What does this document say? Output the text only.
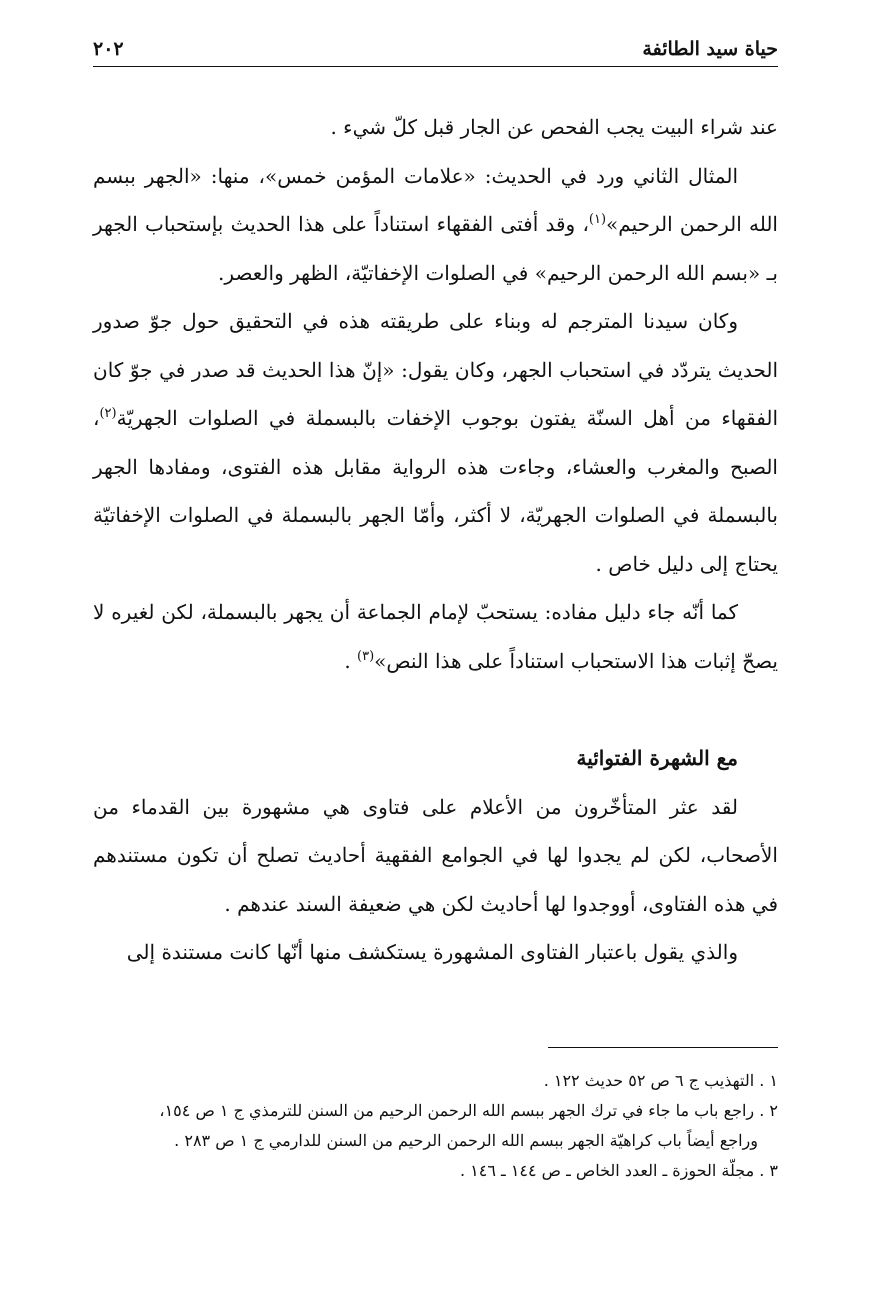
حياة سيد الطائفة
٢٠٢

عند شراء البيت يجب الفحص عن الجار قبل كلّ شيء .

المثال الثاني ورد في الحديث: «علامات المؤمن خمس»، منها: «الجهر ببسم الله الرحمن الرحيم»$^{(١)}$، وقد أفتى الفقهاء استناداً على هذا الحديث بإستحباب الجهر بـ «بسم الله الرحمن الرحيم» في الصلوات الإخفاتيّة، الظهر والعصر.

وكان سيدنا المترجم له وبناء على طريقته هذه في التحقيق حول جوّ صدور الحديث يتردّد في استحباب الجهر، وكان يقول: «إنّ هذا الحديث قد صدر في جوّ كان الفقهاء من أهل السنّة يفتون بوجوب الإخفات بالبسملة في الصلوات الجهريّة$^{(٢)}$، الصبح والمغرب والعشاء، وجاءت هذه الرواية مقابل هذه الفتوى، ومفادها الجهر بالبسملة في الصلوات الجهريّة، لا أكثر، وأمّا الجهر بالبسملة في الصلوات الإخفاتيّة يحتاج إلى دليل خاص .

كما أنّه جاء دليل مفاده: يستحبّ لإمام الجماعة أن يجهر بالبسملة، لكن لغيره لا يصحّ إثبات هذا الاستحباب استناداً على هذا النص»$^{(٣)}$ .

مع الشهرة الفتوائية

لقد عثر المتأخّرون من الأعلام على فتاوى هي مشهورة بين القدماء من الأصحاب، لكن لم يجدوا لها في الجوامع الفقهية أحاديث تصلح أن تكون مستندهم في هذه الفتاوى، أووجدوا لها أحاديث لكن هي ضعيفة السند عندهم .

والذي يقول باعتبار الفتاوى المشهورة يستكشف منها أنّها كانت مستندة إلى

١ . التهذيب ج ٦ ص ٥٢ حديث ١٢٢ .

٢ . راجع باب ما جاء في ترك الجهر ببسم الله الرحمن الرحيم من السنن للترمذي ج ١ ص ١٥٤،

وراجع أيضاً باب كراهيّة الجهر ببسم الله الرحمن الرحيم من السنن للدارمي ج ١ ص ٢٨٣ .

٣ . مجلّة الحوزة ـ العدد الخاص ـ ص ١٤٤ ـ ١٤٦ .
